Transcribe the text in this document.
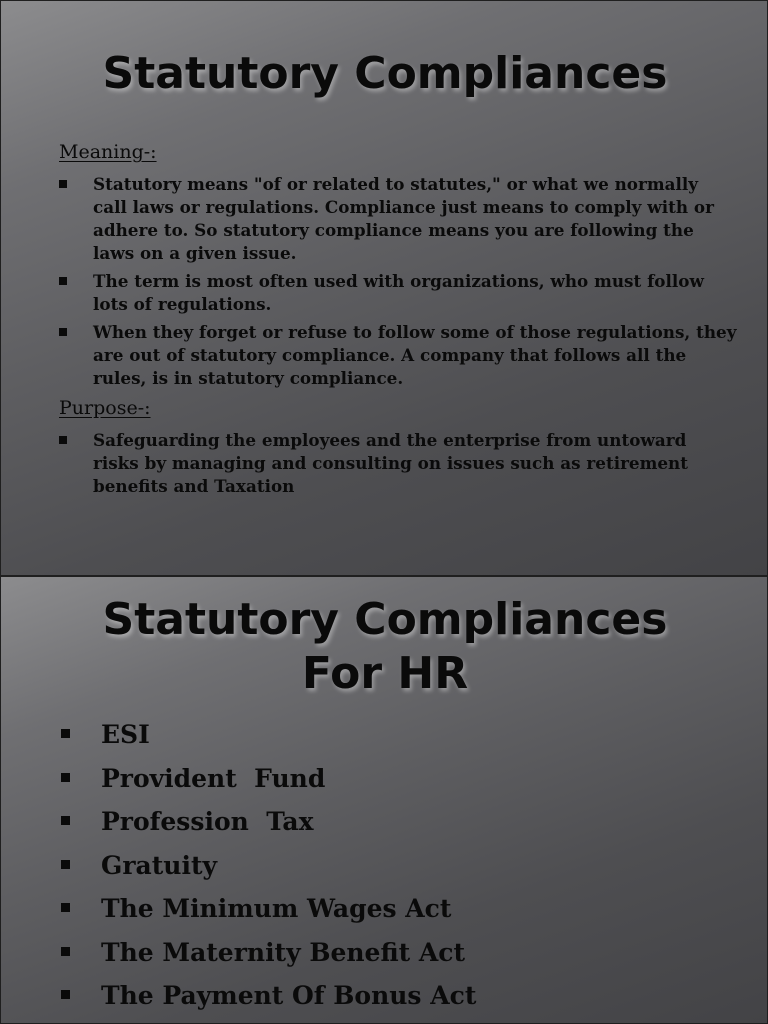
Statutory Compliances

Meaning-:

Statutory means "of or related to statutes," or what we normally call laws or regulations. Compliance just means to comply with or adhere to. So statutory compliance means you are following the laws on a given issue.
The term is most often used with organizations, who must follow lots of regulations.
When they forget or refuse to follow some of those regulations, they are out of statutory compliance. A company that follows all the rules, is in statutory compliance.

Purpose-:

Safeguarding the employees and the enterprise from untoward risks by managing and consulting on issues such as retirement benefits and Taxation
Statutory Compliances
For HR
ESI
Provident  Fund
Profession  Tax
Gratuity
The Minimum Wages Act
The Maternity Benefit Act
The Payment Of Bonus Act
